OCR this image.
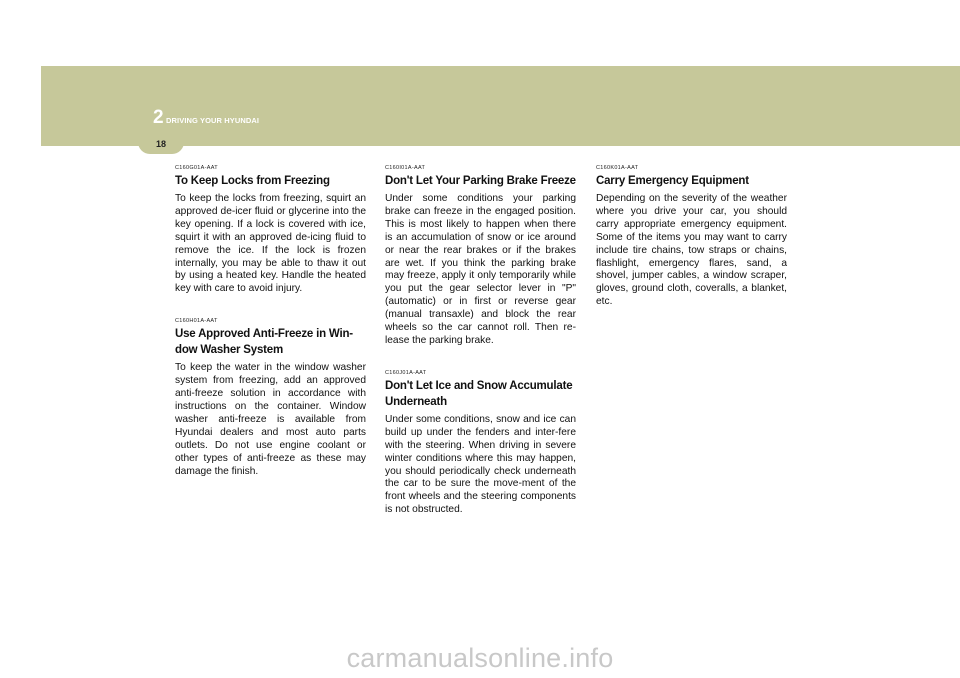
2 DRIVING YOUR HYUNDAI
18
C160G01A-AAT
To Keep Locks from Freezing

To keep the locks from freezing, squirt an approved de-icer fluid or glycerine into the key opening. If a lock is covered with ice, squirt it with an approved de-icing fluid to remove the ice. If the lock is frozen internally, you may be able to thaw it out by using a heated key. Handle the heated key with care to avoid injury.

C160H01A-AAT
Use Approved Anti-Freeze in Win-dow Washer System

To keep the water in the window washer system from freezing, add an approved anti-freeze solution in accordance with instructions on the container. Window washer anti-freeze is available from Hyundai dealers and most auto parts outlets. Do not use engine coolant or other types of anti-freeze as these may damage the finish.

C160I01A-AAT
Don't Let Your Parking Brake Freeze

Under some conditions your parking brake can freeze in the engaged position. This is most likely to happen when there is an accumulation of snow or ice around or near the rear brakes or if the brakes are wet. If you think the parking brake may freeze, apply it only temporarily while you put the gear selector lever in "P" (automatic) or in first or reverse gear (manual transaxle) and block the rear wheels so the car cannot roll. Then re-lease the parking brake.

C160J01A-AAT
Don't Let Ice and Snow Accumulate Underneath

Under some conditions, snow and ice can build up under the fenders and inter-fere with the steering. When driving in severe winter conditions where this may happen, you should periodically check underneath the car to be sure the move-ment of the front wheels and the steering components is not obstructed.

C160K01A-AAT
Carry Emergency Equipment

Depending on the severity of the weather where you drive your car, you should carry appropriate emergency equipment. Some of the items you may want to carry include tire chains, tow straps or chains, flashlight, emergency flares, sand, a shovel, jumper cables, a window scraper, gloves, ground cloth, coveralls, a blanket, etc.

carmanualsonline.info
